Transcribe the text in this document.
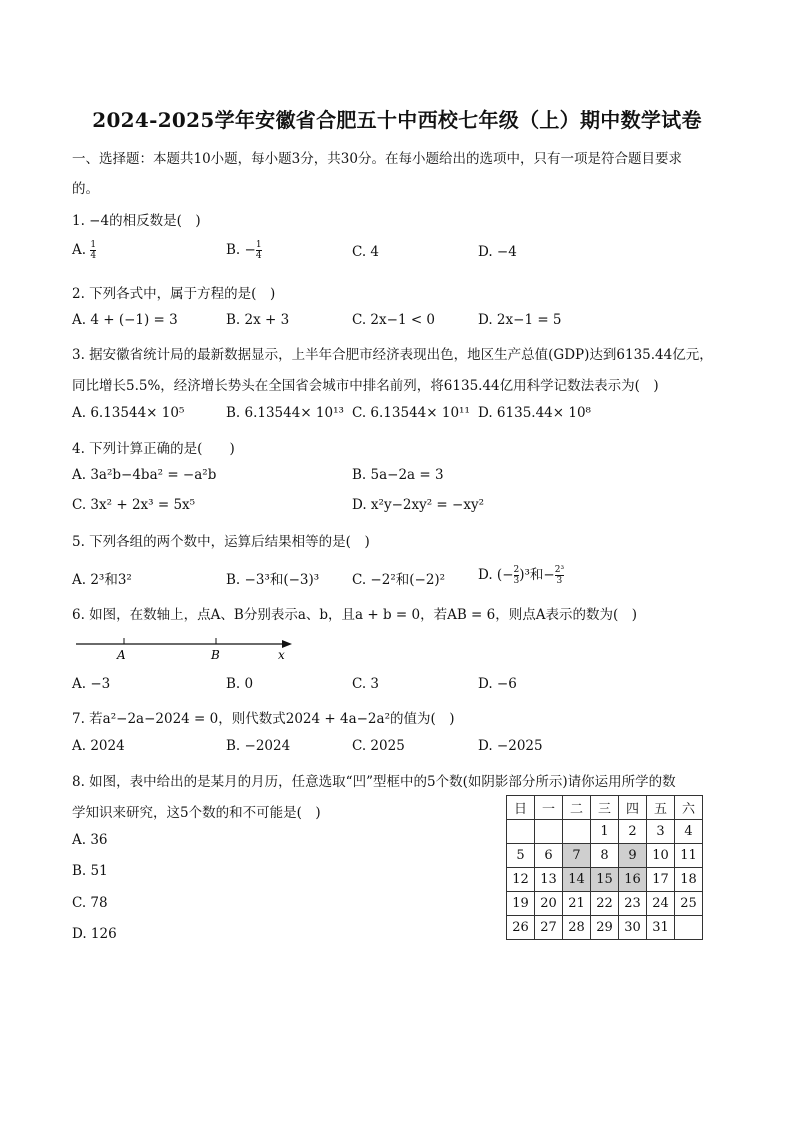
2024-2025学年安徽省合肥五十中西校七年级（上）期中数学试卷
一、选择题：本题共10小题，每小题3分，共30分。在每小题给出的选项中，只有一项是符合题目要求
的。
1. −4的相反数是(　)
A. $\frac{1}{4}$	B. − $\frac{1}{4}$	C. 4	D. −4
2. 下列各式中，属于方程的是(　)
A. 4 + (−1) = 3	B. 2x + 3	C. 2x−1 < 0	D. 2x−1 = 5
3. 据安徽省统计局的最新数据显示，上半年合肥市经济表现出色，地区生产总值(GDP)达到6135.44亿元，
同比增长5.5%，经济增长势头在全国省会城市中排名前列，将6135.44亿用科学记数法表示为(　)
A. 6.13544× 10⁵	B. 6.13544× 10¹³ C. 6.13544× 10¹¹ D. 6135.44× 10⁸
4. 下列计算正确的是(　　)
A. 3a²b−4ba² = −a²b	B. 5a−2a = 3
C. 3x² + 2x³ = 5x⁵	D. x²y−2xy² = −xy²
5. 下列各组的两个数中，运算后结果相等的是(　)
A. 2³和3²	B. −3³和(−3)³ C. −2²和(−2)² D. (− $\frac{2}{3} )^3$和− $\frac{\text{2³}}{3}$
6. 如图，在数轴上，点A、B分别表示a、b，且a + b = 0，若AB = 6，则点A表示的数为(　)
A	B	x
A. −3	B. 0	C. 3	D. −6
7. 若a²−2a−2024 = 0，则代数式2024 + 4a−2a²的值为(　)
A. 2024	B. −2024	C. 2025	D. −2025
8. 如图，表中给出的是某月的月历，任意选取“凹”型框中的5个数(如阴影部分所示)请你运用所学的数
学知识来研究，这5个数的和不可能是(　)
A. 36
B. 51
C. 78
D. 126
日	一	二	三	四	五	六
			1	2	3	4
5	6	7	8	9	10	11
12	13	14	15	16	17	18
19	20	21	22	23	24	25
26	27	28	29	30	31	
